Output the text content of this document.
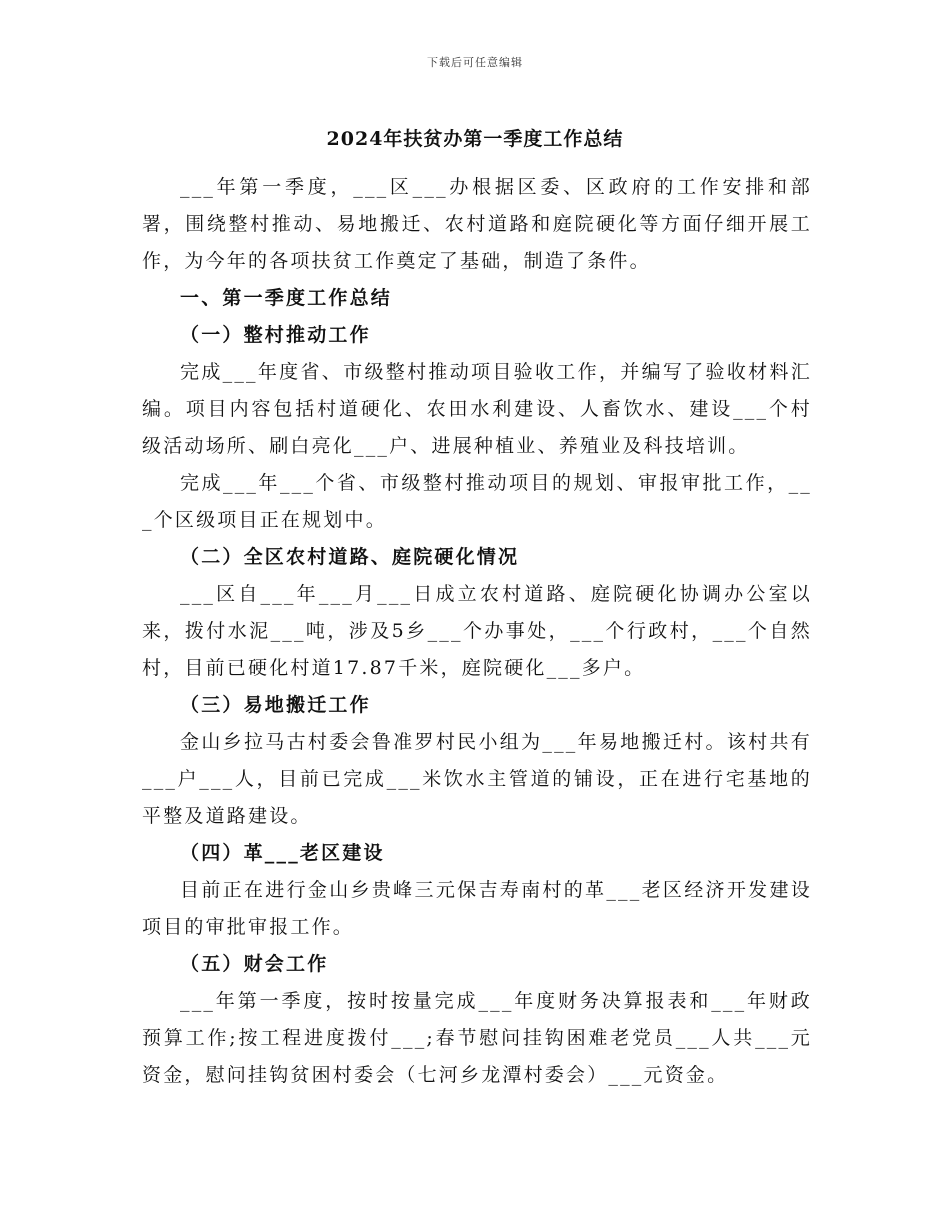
下载后可任意编辑
2024年扶贫办第一季度工作总结

___年第一季度，___区___办根据区委、区政府的工作安排和部署，围绕整村推动、易地搬迁、农村道路和庭院硬化等方面仔细开展工作，为今年的各项扶贫工作奠定了基础，制造了条件。

一、第一季度工作总结

（一）整村推动工作

完成___年度省、市级整村推动项目验收工作，并编写了验收材料汇编。项目内容包括村道硬化、农田水利建设、人畜饮水、建设___个村级活动场所、刷白亮化___户、进展种植业、养殖业及科技培训。

完成___年___个省、市级整村推动项目的规划、审报审批工作，___个区级项目正在规划中。

（二）全区农村道路、庭院硬化情况

___区自___年___月___日成立农村道路、庭院硬化协调办公室以来，拨付水泥___吨，涉及5乡___个办事处，___个行政村，___个自然村，目前已硬化村道17.87千米，庭院硬化___多户。

（三）易地搬迁工作

金山乡拉马古村委会鲁准罗村民小组为___年易地搬迁村。该村共有___户___人，目前已完成___米饮水主管道的铺设，正在进行宅基地的平整及道路建设。

（四）革___老区建设

目前正在进行金山乡贵峰三元保吉寿南村的革___老区经济开发建设项目的审批审报工作。

（五）财会工作

___年第一季度，按时按量完成___年度财务决算报表和___年财政预算工作;按工程进度拨付___;春节慰问挂钩困难老党员___人共___元资金，慰问挂钩贫困村委会（七河乡龙潭村委会）___元资金。
